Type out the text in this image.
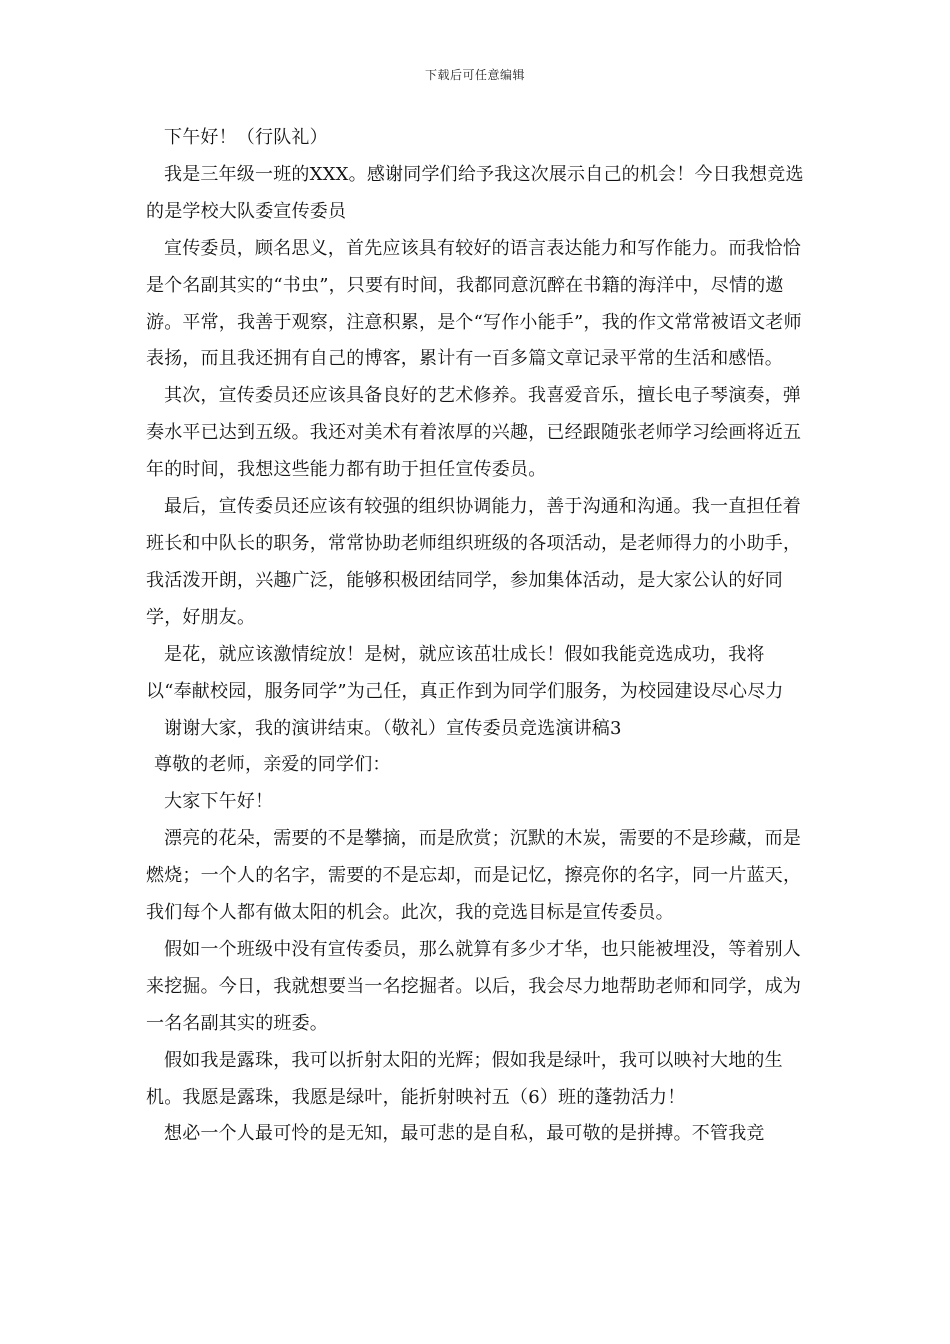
下载后可任意编辑

下午好！（行队礼）

我是三年级一班的XXX。感谢同学们给予我这次展示自己的机会！今日我想竞选的是学校大队委宣传委员

宣传委员，顾名思义，首先应该具有较好的语言表达能力和写作能力。而我恰恰是个名副其实的“书虫”，只要有时间，我都同意沉醉在书籍的海洋中，尽情的遨游。平常，我善于观察，注意积累，是个“写作小能手”，我的作文常常被语文老师表扬，而且我还拥有自己的博客，累计有一百多篇文章记录平常的生活和感悟。

其次，宣传委员还应该具备良好的艺术修养。我喜爱音乐，擅长电子琴演奏，弹奏水平已达到五级。我还对美术有着浓厚的兴趣，已经跟随张老师学习绘画将近五年的时间，我想这些能力都有助于担任宣传委员。

最后，宣传委员还应该有较强的组织协调能力，善于沟通和沟通。我一直担任着班长和中队长的职务，常常协助老师组织班级的各项活动，是老师得力的小助手，我活泼开朗，兴趣广泛，能够积极团结同学，参加集体活动，是大家公认的好同学，好朋友。

是花，就应该激情绽放！是树，就应该茁壮成长！假如我能竞选成功，我将以“奉献校园，服务同学”为己任，真正作到为同学们服务，为校园建设尽心尽力

谢谢大家，我的演讲结束。（敬礼）宣传委员竞选演讲稿3

尊敬的老师，亲爱的同学们：

大家下午好！

漂亮的花朵，需要的不是攀摘，而是欣赏；沉默的木炭，需要的不是珍藏，而是燃烧；一个人的名字，需要的不是忘却，而是记忆，擦亮你的名字，同一片蓝天，我们每个人都有做太阳的机会。此次，我的竞选目标是宣传委员。

假如一个班级中没有宣传委员，那么就算有多少才华，也只能被埋没，等着别人来挖掘。今日，我就想要当一名挖掘者。以后，我会尽力地帮助老师和同学，成为一名名副其实的班委。

假如我是露珠，我可以折射太阳的光辉；假如我是绿叶，我可以映衬大地的生机。我愿是露珠，我愿是绿叶，能折射映衬五（6）班的蓬勃活力！

想必一个人最可怜的是无知，最可悲的是自私，最可敬的是拼搏。不管我竞
